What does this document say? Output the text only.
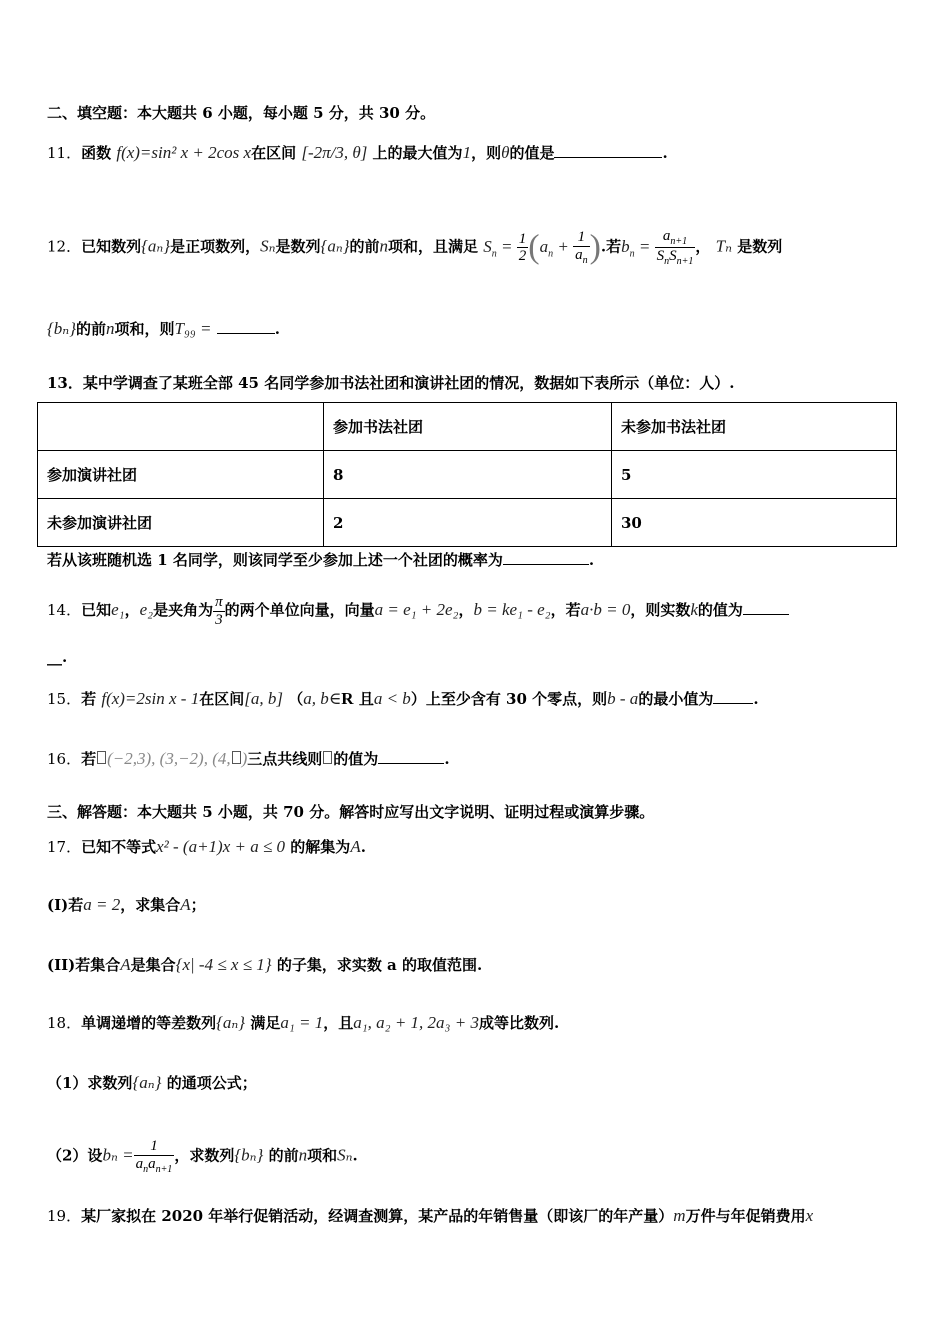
二、填空题：本大题共 6 小题，每小题 5 分，共 30 分。
11．函数 f(x)=sin² x + 2cos x在区间 [-2π/3, θ] 上的最大值为1，则θ的值是	.
12．已知数列{aₙ}是正项数列，Sₙ是数列{aₙ}的前n项和，且满足 $S_n = \frac{1}{2} (a_n + \frac{1}{a_n}$ ).若$b_n = \frac{a_{n+1}}{S_nS_{n+1}}$ ， Tₙ 是数列
{bₙ}的前n项和，则T₉₉ =	.
13．某中学调查了某班全部 45 名同学参加书法社团和演讲社团的情况，数据如下表所示（单位：人）.
	参加书法社团	未参加书法社团
参加演讲社团	8	5
未参加演讲社团	2	30
若从该班随机选 1 名同学，则该同学至少参加上述一个社团的概率为	.
14．已知e₁，e₂是夹角为 $\frac{\pi}{3}$ 的两个单位向量，向量a = e₁ + 2e₂，b = ke₁ - e₂，若a·b = 0，则实数k的值为
__.
15．若 f(x)=2sin x - 1在区间[a, b] （a, b∈R 且a < b）上至少含有 30 个零点，则b - a的最小值为	.
16．若 (−2,3), (3,−2), (4, )三点共线则 的值为	.
三、解答题：本大题共 5 小题，共 70 分。解答时应写出文字说明、证明过程或演算步骤。
17．已知不等式x² - (a+1)x + a ≤ 0 的解集为A.
(I)若a = 2，求集合A；
(II)若集合A是集合{x| -4 ≤ x ≤ 1} 的子集，求实数 a 的取值范围.
18．单调递增的等差数列{aₙ} 满足a₁ = 1，且a₁, a₂ + 1, 2a₃ + 3成等比数列.
（1）求数列{aₙ} 的通项公式；
（2）设$b_n = \frac{1}{a_na_{n+1}}$ ，求数列{bₙ} 的前n项和Sₙ.
19．某厂家拟在 2020 年举行促销活动，经调查测算，某产品的年销售量（即该厂的年产量）m万件与年促销费用x
